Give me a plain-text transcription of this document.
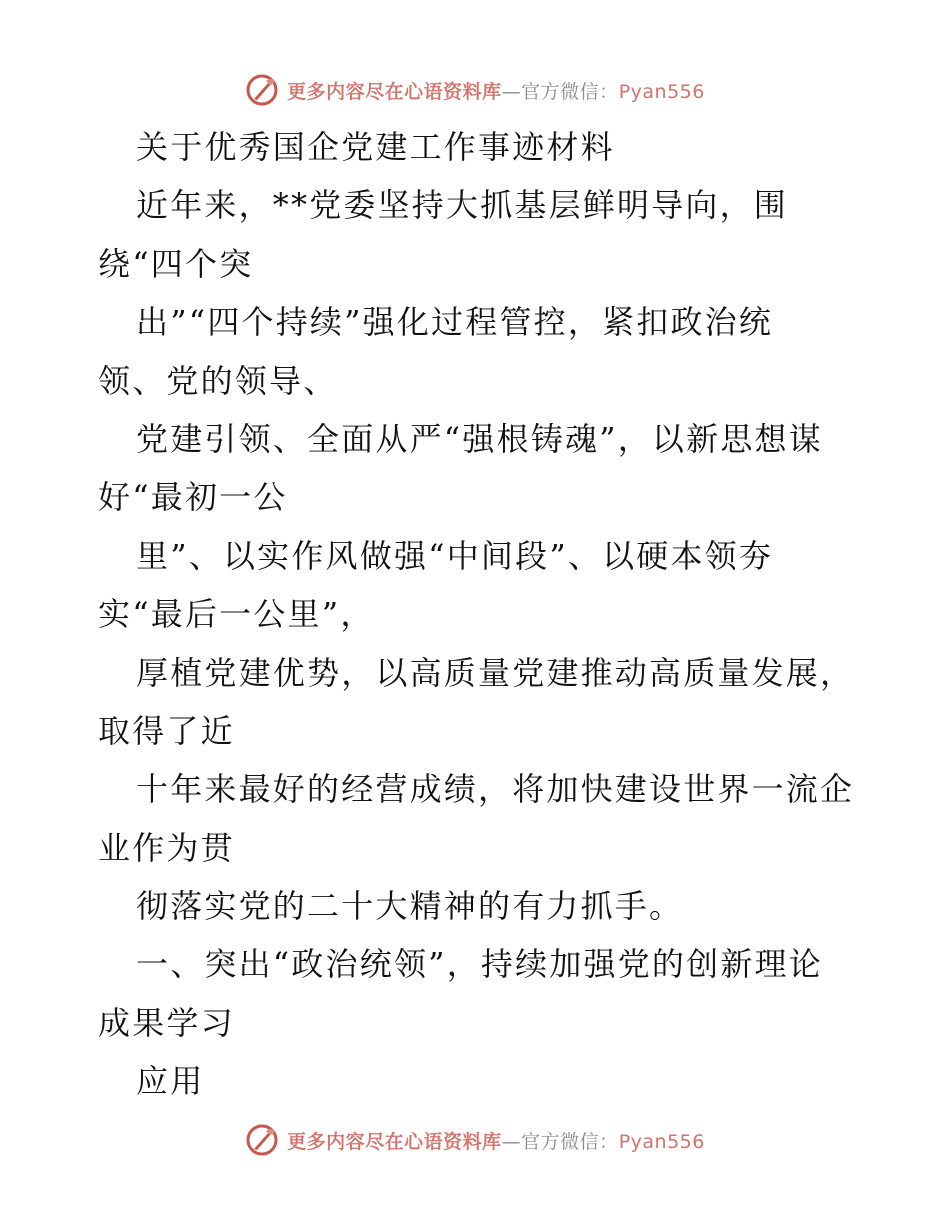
更多内容尽在心语资料库—官方微信：Pyan556

关于优秀国企党建工作事迹材料

近年来，**党委坚持大抓基层鲜明导向，围

绕“四个突

出”“四个持续”强化过程管控，紧扣政治统

领、党的领导、

党建引领、全面从严“强根铸魂”，以新思想谋

好“最初一公

里”、以实作风做强“中间段”、以硬本领夯

实“最后一公里”，

厚植党建优势，以高质量党建推动高质量发展，

取得了近

十年来最好的经营成绩，将加快建设世界一流企

业作为贯

彻落实党的二十大精神的有力抓手。

一、突出“政治统领”，持续加强党的创新理论

成果学习

应用

更多内容尽在心语资料库—官方微信：Pyan556
